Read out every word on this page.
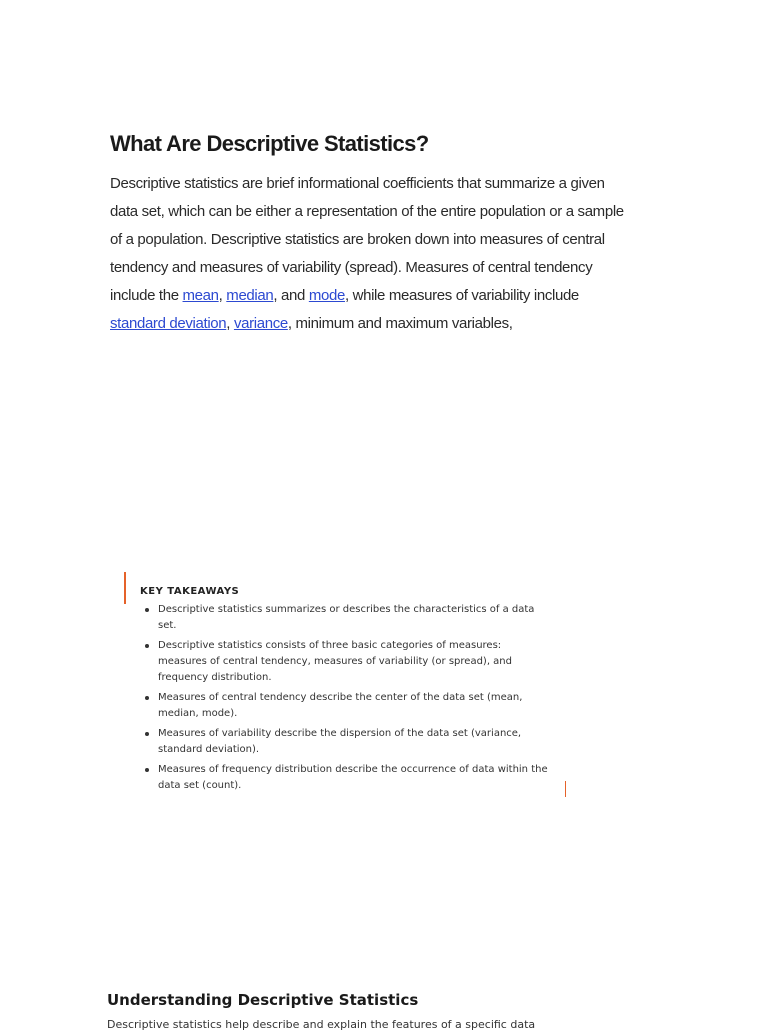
What Are Descriptive Statistics?

Descriptive statistics are brief informational coefficients that summarize a given data set, which can be either a representation of the entire population or a sample of a population. Descriptive statistics are broken down into measures of central tendency and measures of variability (spread). Measures of central tendency include the mean, median, and mode, while measures of variability include standard deviation, variance, minimum and maximum variables,

KEY TAKEAWAYS
Descriptive statistics summarizes or describes the characteristics of a data set.
Descriptive statistics consists of three basic categories of measures: measures of central tendency, measures of variability (or spread), and frequency distribution.
Measures of central tendency describe the center of the data set (mean, median, mode).
Measures of variability describe the dispersion of the data set (variance, standard deviation).
Measures of frequency distribution describe the occurrence of data within the data set (count).
Understanding Descriptive Statistics

Descriptive statistics help describe and explain the features of a specific data
